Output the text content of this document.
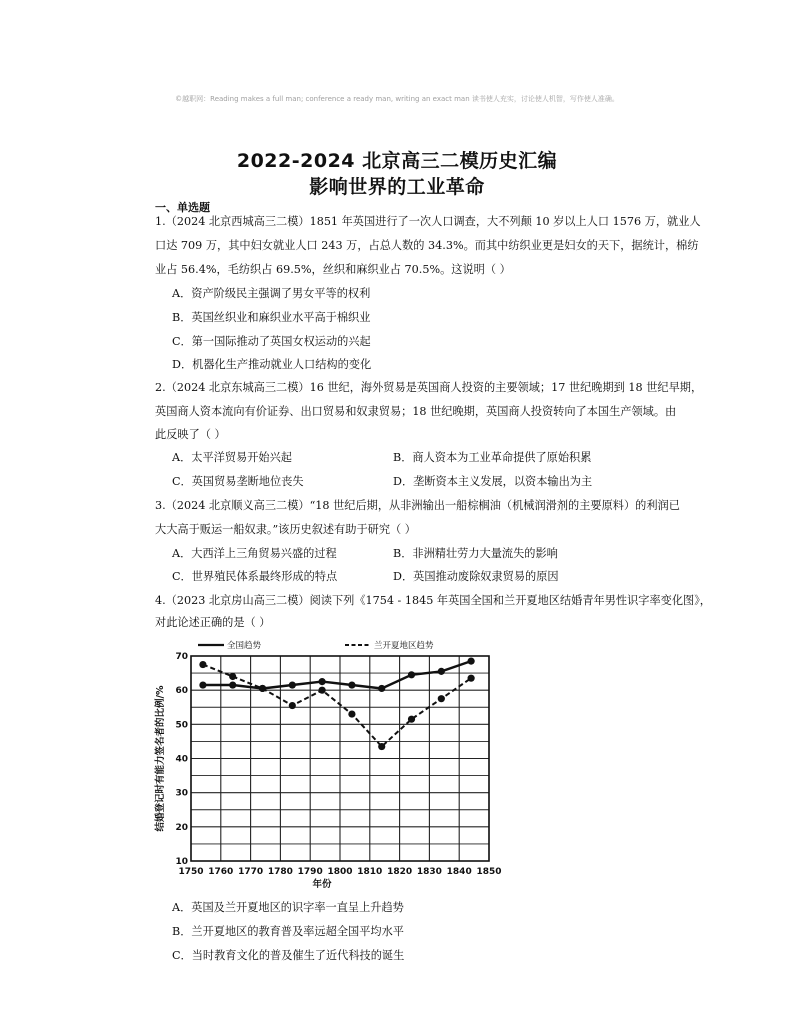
©越职网：Reading makes a full man; conference a ready man, writing an exact man 读书使人充实，讨论使人机智，写作使人准确。
2022-2024 北京高三二模历史汇编
影响世界的工业革命
一、单选题
1.（2024 北京西城高三二模）1851 年英国进行了一次人口调查，大不列颠 10 岁以上人口 1576 万，就业人
口达 709 万，其中妇女就业人口 243 万，占总人数的 34.3%。而其中纺织业更是妇女的天下，据统计，棉纺
业占 56.4%，毛纺织占 69.5%，丝织和麻织业占 70.5%。这说明（ ）
A．资产阶级民主强调了男女平等的权利
B．英国丝织业和麻织业水平高于棉织业
C．第一国际推动了英国女权运动的兴起
D．机器化生产推动就业人口结构的变化
2.（2024 北京东城高三二模）16 世纪，海外贸易是英国商人投资的主要领域；17 世纪晚期到 18 世纪早期，
英国商人资本流向有价证券、出口贸易和奴隶贸易；18 世纪晚期，英国商人投资转向了本国生产领域。由
此反映了（ ）
A．太平洋贸易开始兴起	B．商人资本为工业革命提供了原始积累
C．英国贸易垄断地位丧失	D．垄断资本主义发展，以资本输出为主
3.（2024 北京顺义高三二模）“18 世纪后期，从非洲输出一船棕榈油（机械润滑剂的主要原料）的利润已
大大高于贩运一船奴隶。”该历史叙述有助于研究（ ）
A．大西洋上三角贸易兴盛的过程	B．非洲精壮劳力大量流失的影响
C．世界殖民体系最终形成的特点	D．英国推动废除奴隶贸易的原因
4.（2023 北京房山高三二模）阅读下列《1754 - 1845 年英国全国和兰开夏地区结婚青年男性识字率变化图》，
对此论述正确的是（ ）
1750 1760 1770 1780 1790 1800 1810 1820 1830 1840 1850
10
20
30
40
50
60
70
年份
结婚登记时有能力签名者的比例/%
全国趋势	兰开夏地区趋势
A．英国及兰开夏地区的识字率一直呈上升趋势
B．兰开夏地区的教育普及率远超全国平均水平
C．当时教育文化的普及催生了近代科技的诞生
